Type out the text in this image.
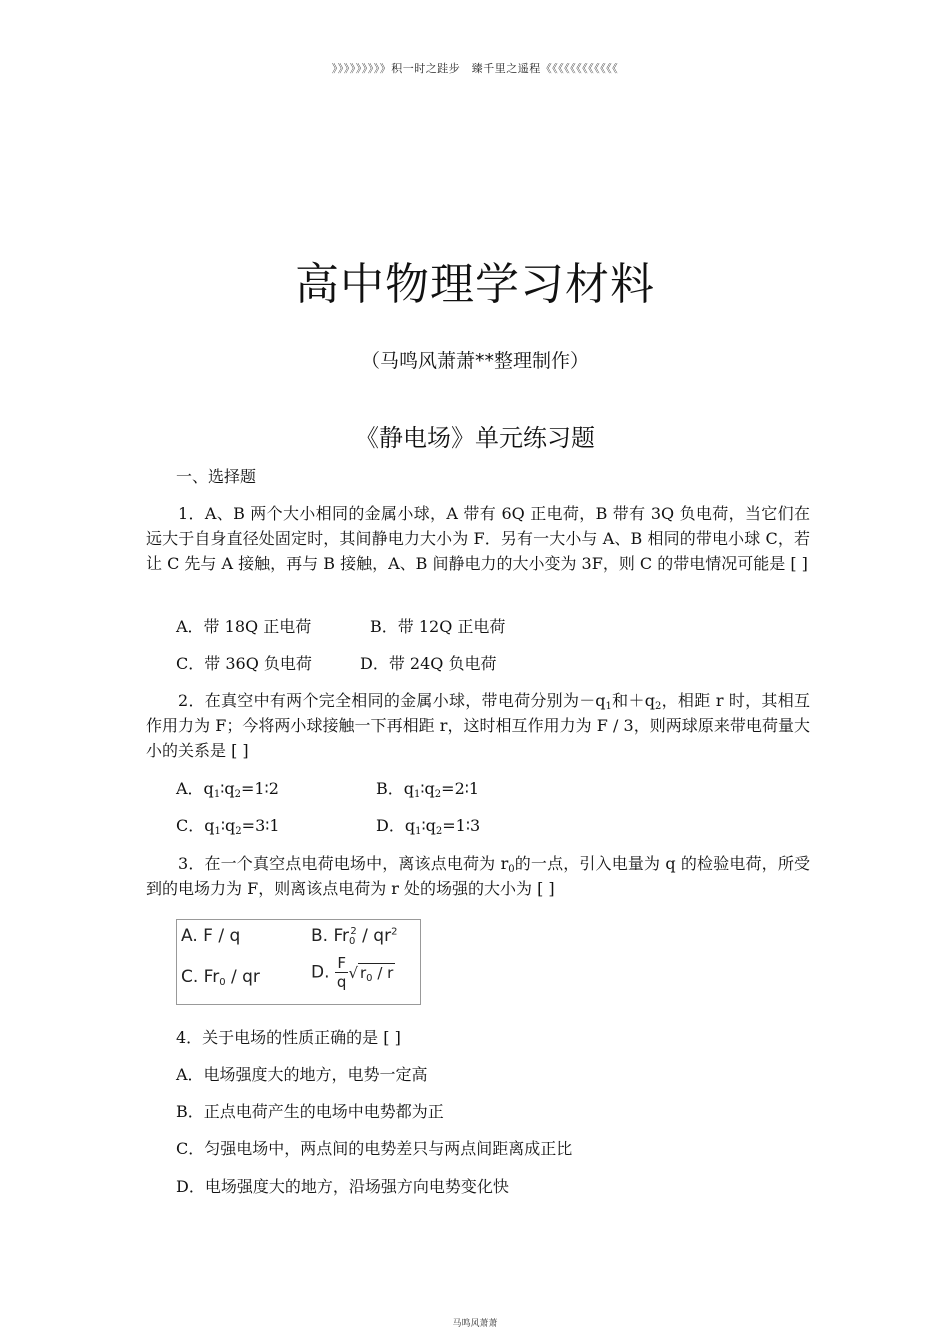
》》》》》》》》》积一时之跬步　臻千里之遥程《《《《《《《《《《《《
高中物理学习材料
（马鸣风萧萧**整理制作）
《静电场》单元练习题
一、选择题
1．A、B 两个大小相同的金属小球，A 带有 6Q 正电荷，B 带有 3Q 负电荷，当它们在远大于自身直径处固定时，其间静电力大小为 F．另有一大小与 A、B 相同的带电小球 C，若让 C 先与 A 接触，再与 B 接触，A、B 间静电力的大小变为 3F，则 C 的带电情况可能是 [ ]
A．带 18Q 正电荷	B．带 12Q 正电荷
C．带 36Q 负电荷	D．带 24Q 负电荷
2．在真空中有两个完全相同的金属小球，带电荷分别为$-q_1$和$+q_2$，相距 r 时，其相互作用力为 F；今将两小球接触一下再相距 r，这时相互作用力为 F / 3，则两球原来带电荷量大小的关系是 [ ]
A．$q_1∶q_2=1∶2$	B．$q_1∶q_2=2∶1$
C．$q_1∶q_2=3∶1$	D．$q_1∶q_2=1∶3$
3．在一个真空点电荷电场中，离该点电荷为 $r_0$的一点，引入电量为 q 的检验电荷，所受到的电场力为 F，则离该点电荷为 r 处的场强的大小为 [ ]
A. F / q	B. $Fr_0^2 / qr^2$
C. $Fr_0$ / qr	D. $\frac{F}{q}$ √ $r_0$ / r
4．关于电场的性质正确的是 [ ]
A．电场强度大的地方，电势一定高
B．正点电荷产生的电场中电势都为正
C．匀强电场中，两点间的电势差只与两点间距离成正比
D．电场强度大的地方，沿场强方向电势变化快
马鸣风萧萧
